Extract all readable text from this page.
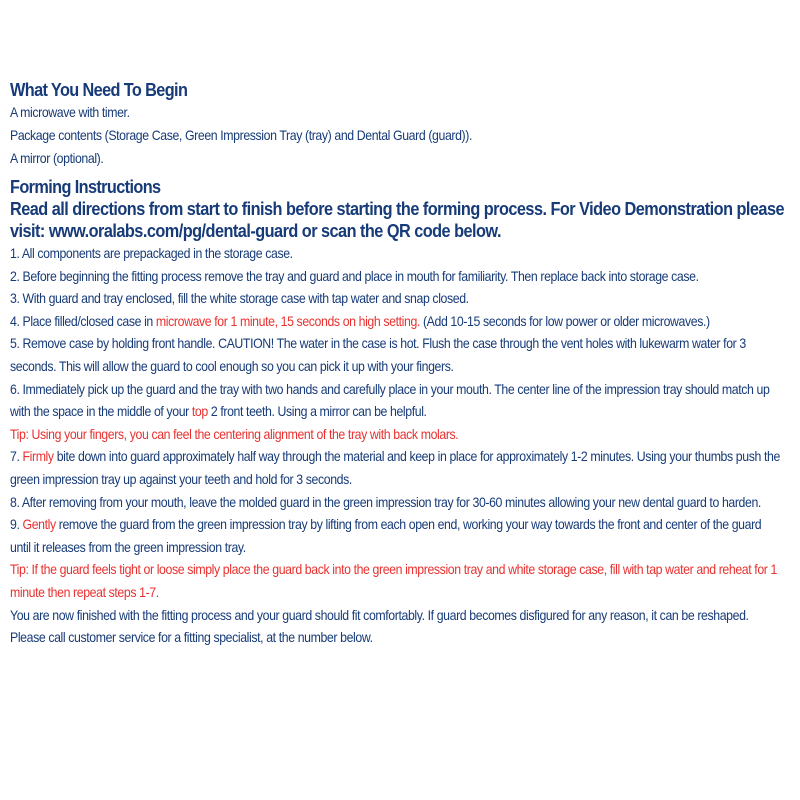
What You Need To Begin
A microwave with timer.
Package contents (Storage Case, Green Impression Tray (tray) and Dental Guard (guard)).
A mirror (optional).
Forming Instructions
Read all directions from start to finish before starting the forming process. For Video Demonstration please visit: www.oralabs.com/pg/dental-guard or scan the QR code below.
1. All components are prepackaged in the storage case.
2. Before beginning the fitting process remove the tray and guard and place in mouth for familiarity. Then replace back into storage case.
3. With guard and tray enclosed, fill the white storage case with tap water and snap closed.
4. Place filled/closed case in microwave for 1 minute, 15 seconds on high setting. (Add 10-15 seconds for low power or older microwaves.)
5. Remove case by holding front handle. CAUTION! The water in the case is hot. Flush the case through the vent holes with lukewarm water for 3 seconds. This will allow the guard to cool enough so you can pick it up with your fingers.
6. Immediately pick up the guard and the tray with two hands and carefully place in your mouth. The center line of the impression tray should match up with the space in the middle of your top 2 front teeth. Using a mirror can be helpful.
Tip: Using your fingers, you can feel the centering alignment of the tray with back molars.
7. Firmly bite down into guard approximately half way through the material and keep in place for approximately 1-2 minutes. Using your thumbs push the green impression tray up against your teeth and hold for 3 seconds.
8. After removing from your mouth, leave the molded guard in the green impression tray for 30-60 minutes allowing your new dental guard to harden.
9. Gently remove the guard from the green impression tray by lifting from each open end, working your way towards the front and center of the guard until it releases from the green impression tray.
Tip: If the guard feels tight or loose simply place the guard back into the green impression tray and white storage case, fill with tap water and reheat for 1 minute then repeat steps 1-7.
You are now finished with the fitting process and your guard should fit comfortably. If guard becomes disfigured for any reason, it can be reshaped. Please call customer service for a fitting specialist, at the number below.
